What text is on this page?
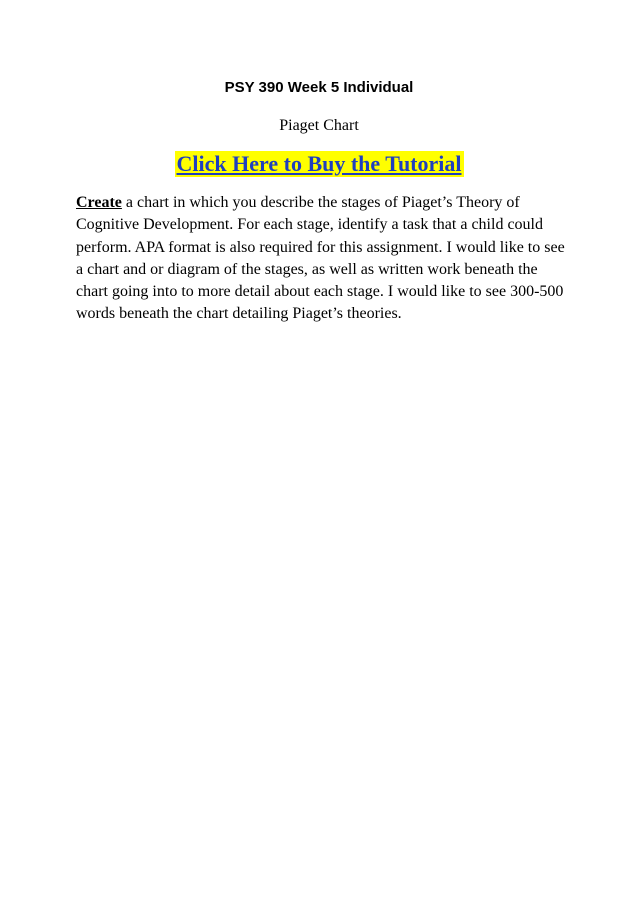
PSY 390 Week 5 Individual
Piaget Chart
Click Here to Buy the Tutorial

Create a chart in which you describe the stages of Piaget’s Theory of Cognitive Development. For each stage, identify a task that a child could perform. APA format is also required for this assignment. I would like to see a chart and or diagram of the stages, as well as written work beneath the chart going into to more detail about each stage. I would like to see 300-500 words beneath the chart detailing Piaget’s theories.
